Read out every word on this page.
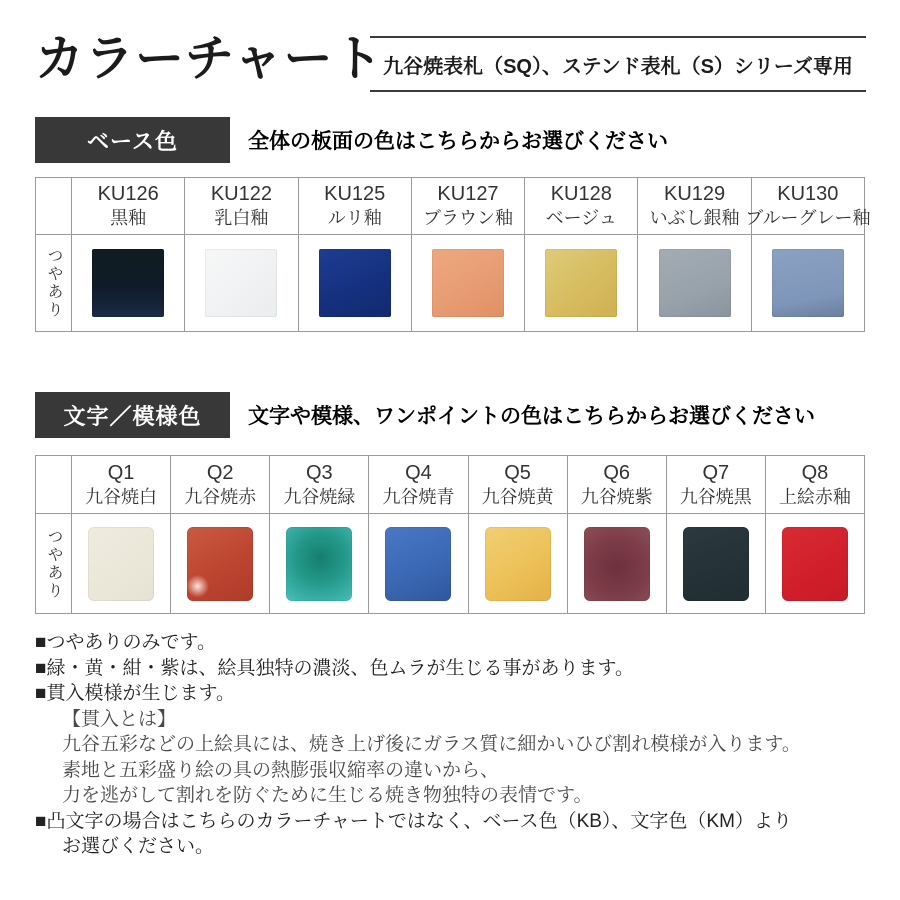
カラーチャート 九谷焼表札（SQ）、ステンド表札（S）シリーズ専用
ベース色	全体の板面の色はこちらからお選びください
KU126
黒釉
KU122
乳白釉
KU125
ルリ釉
KU127
ブラウン釉
KU128
ベージュ
KU129
いぶし銀釉
KU130
ブルーグレー釉
つやあり
文字／模様色	文字や模様、ワンポイントの色はこちらからお選びください
Q1
九谷焼白
Q2
九谷焼赤
Q3
九谷焼緑
Q4
九谷焼青
Q5
九谷焼黄
Q6
九谷焼紫
Q7
九谷焼黒
Q8
上絵赤釉
つやあり
■つやありのみです。
■緑・黄・紺・紫は、絵具独特の濃淡、色ムラが生じる事があります。
■貫入模様が生じます。
【貫入とは】
九谷五彩などの上絵具には、焼き上げ後にガラス質に細かいひび割れ模様が入ります。
素地と五彩盛り絵の具の熱膨張収縮率の違いから、
力を逃がして割れを防ぐために生じる焼き物独特の表情です。
■凸文字の場合はこちらのカラーチャートではなく、ベース色（KB）、文字色（KM）より
お選びください。
